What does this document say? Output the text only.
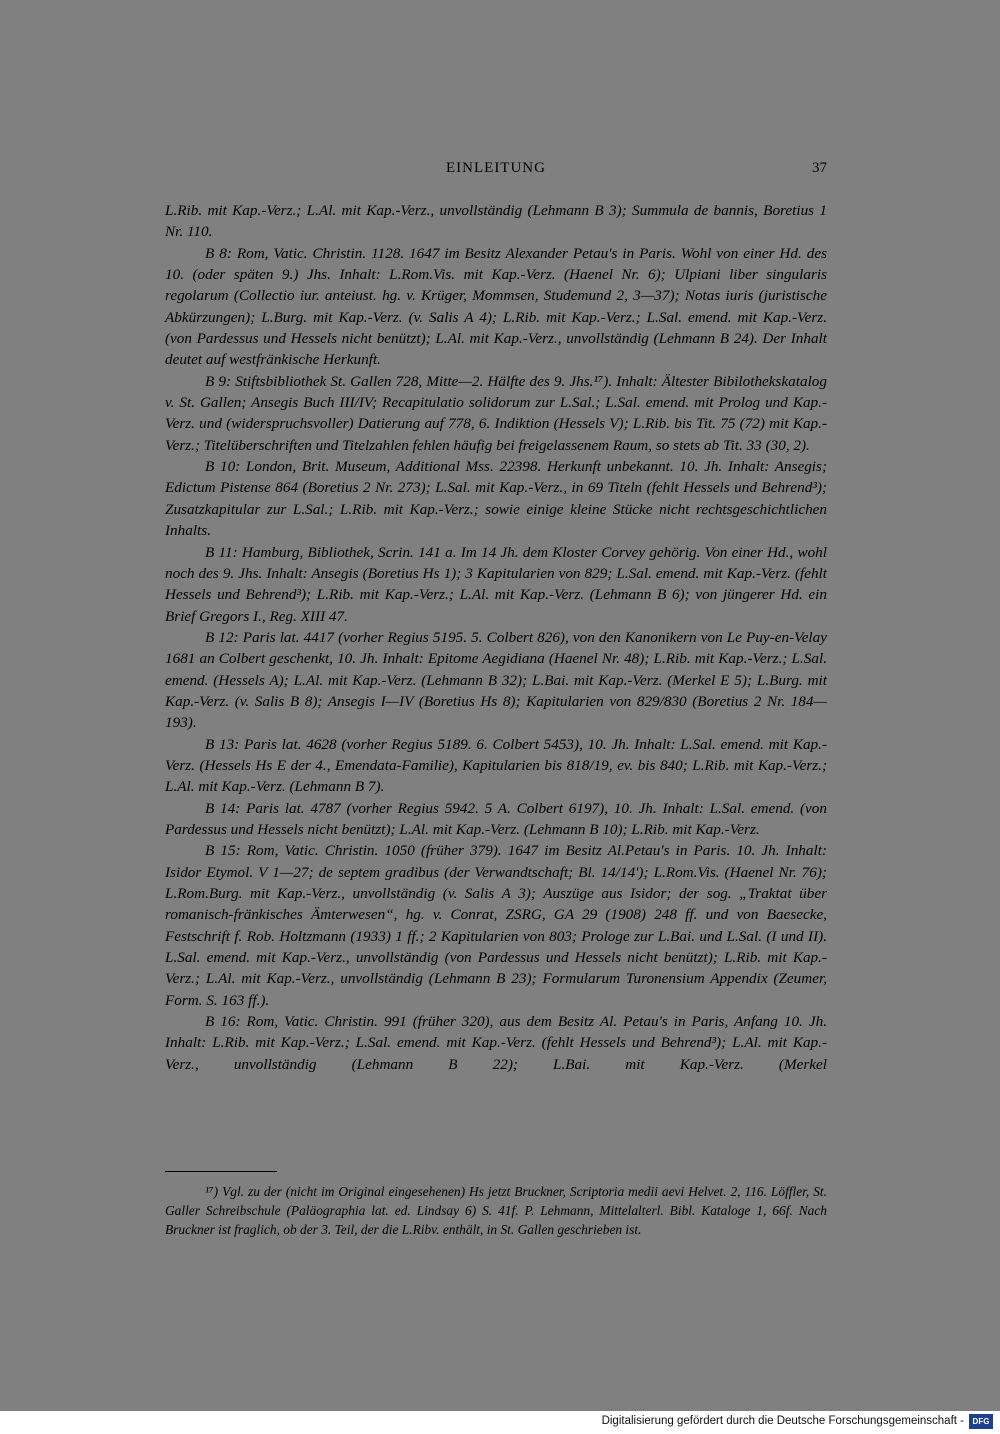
EINLEITUNG	37

L.Rib. mit Kap.-Verz.; L.Al. mit Kap.-Verz., unvollständig (Lehmann B 3); Summula de bannis, Boretius 1 Nr. 110.

B 8: Rom, Vatic. Christin. 1128. 1647 im Besitz Alexander Petau's in Paris. Wohl von einer Hd. des 10. (oder späten 9.) Jhs. Inhalt: L.Rom.Vis. mit Kap.-Verz. (Haenel Nr. 6); Ulpiani liber singularis regolarum (Collectio iur. anteiust. hg. v. Krüger, Mommsen, Studemund 2, 3—37); Notas iuris (juristische Abkürzungen); L.Burg. mit Kap.-Verz. (v. Salis A 4); L.Rib. mit Kap.-Verz.; L.Sal. emend. mit Kap.-Verz. (von Pardessus und Hessels nicht benützt); L.Al. mit Kap.-Verz., unvollständig (Lehmann B 24). Der Inhalt deutet auf westfränkische Herkunft.

B 9: Stiftsbibliothek St. Gallen 728, Mitte—2. Hälfte des 9. Jhs.¹⁷). Inhalt: Ältester Bibilothekskatalog v. St. Gallen; Ansegis Buch III/IV; Recapitulatio solidorum zur L.Sal.; L.Sal. emend. mit Prolog und Kap.-Verz. und (widerspruchsvoller) Datierung auf 778, 6. Indiktion (Hessels V); L.Rib. bis Tit. 75 (72) mit Kap.-Verz.; Titelüberschriften und Titelzahlen fehlen häufig bei freigelassenem Raum, so stets ab Tit. 33 (30, 2).

B 10: London, Brit. Museum, Additional Mss. 22398. Herkunft unbekannt. 10. Jh. Inhalt: Ansegis; Edictum Pistense 864 (Boretius 2 Nr. 273); L.Sal. mit Kap.-Verz., in 69 Titeln (fehlt Hessels und Behrend³); Zusatzkapitular zur L.Sal.; L.Rib. mit Kap.-Verz.; sowie einige kleine Stücke nicht rechtsgeschichtlichen Inhalts.

B 11: Hamburg, Bibliothek, Scrin. 141 a. Im 14 Jh. dem Kloster Corvey gehörig. Von einer Hd., wohl noch des 9. Jhs. Inhalt: Ansegis (Boretius Hs 1); 3 Kapitularien von 829; L.Sal. emend. mit Kap.-Verz. (fehlt Hessels und Behrend³); L.Rib. mit Kap.-Verz.; L.Al. mit Kap.-Verz. (Lehmann B 6); von jüngerer Hd. ein Brief Gregors I., Reg. XIII 47.

B 12: Paris lat. 4417 (vorher Regius 5195. 5. Colbert 826), von den Kanonikern von Le Puy-en-Velay 1681 an Colbert geschenkt, 10. Jh. Inhalt: Epitome Aegidiana (Haenel Nr. 48); L.Rib. mit Kap.-Verz.; L.Sal. emend. (Hessels A); L.Al. mit Kap.-Verz. (Lehmann B 32); L.Bai. mit Kap.-Verz. (Merkel E 5); L.Burg. mit Kap.-Verz. (v. Salis B 8); Ansegis I—IV (Boretius Hs 8); Kapitularien von 829/830 (Boretius 2 Nr. 184—193).

B 13: Paris lat. 4628 (vorher Regius 5189. 6. Colbert 5453), 10. Jh. Inhalt: L.Sal. emend. mit Kap.-Verz. (Hessels Hs E der 4., Emendata-Familie), Kapitularien bis 818/19, ev. bis 840; L.Rib. mit Kap.-Verz.; L.Al. mit Kap.-Verz. (Lehmann B 7).

B 14: Paris lat. 4787 (vorher Regius 5942. 5 A. Colbert 6197), 10. Jh. Inhalt: L.Sal. emend. (von Pardessus und Hessels nicht benützt); L.Al. mit Kap.-Verz. (Lehmann B 10); L.Rib. mit Kap.-Verz.

B 15: Rom, Vatic. Christin. 1050 (früher 379). 1647 im Besitz Al.Petau's in Paris. 10. Jh. Inhalt: Isidor Etymol. V 1—27; de septem gradibus (der Verwandtschaft; Bl. 14/14'); L.Rom.Vis. (Haenel Nr. 76); L.Rom.Burg. mit Kap.-Verz., unvollständig (v. Salis A 3); Auszüge aus Isidor; der sog. „Traktat über romanisch-fränkisches Ämterwesen“, hg. v. Conrat, ZSRG, GA 29 (1908) 248 ff. und von Baesecke, Festschrift f. Rob. Holtzmann (1933) 1 ff.; 2 Kapitularien von 803; Prologe zur L.Bai. und L.Sal. (I und II). L.Sal. emend. mit Kap.-Verz., unvollständig (von Pardessus und Hessels nicht benützt); L.Rib. mit Kap.-Verz.; L.Al. mit Kap.-Verz., unvollständig (Lehmann B 23); Formularum Turonensium Appendix (Zeumer, Form. S. 163 ff.).

B 16: Rom, Vatic. Christin. 991 (früher 320), aus dem Besitz Al. Petau's in Paris, Anfang 10. Jh. Inhalt: L.Rib. mit Kap.-Verz.; L.Sal. emend. mit Kap.-Verz. (fehlt Hessels und Behrend³); L.Al. mit Kap.-Verz., unvollständig (Lehmann B 22); L.Bai. mit Kap.-Verz. (Merkel

¹⁷) Vgl. zu der (nicht im Original eingesehenen) Hs jetzt Bruckner, Scriptoria medii aevi Helvet. 2, 116. Löffler, St. Galler Schreibschule (Paläographia lat. ed. Lindsay 6) S. 41f. P. Lehmann, Mittelalterl. Bibl. Kataloge 1, 66f. Nach Bruckner ist fraglich, ob der 3. Teil, der die L.Ribv. enthält, in St. Gallen geschrieben ist.

Digitalisierung gefördert durch die Deutsche Forschungsgemeinschaft -	DFG
